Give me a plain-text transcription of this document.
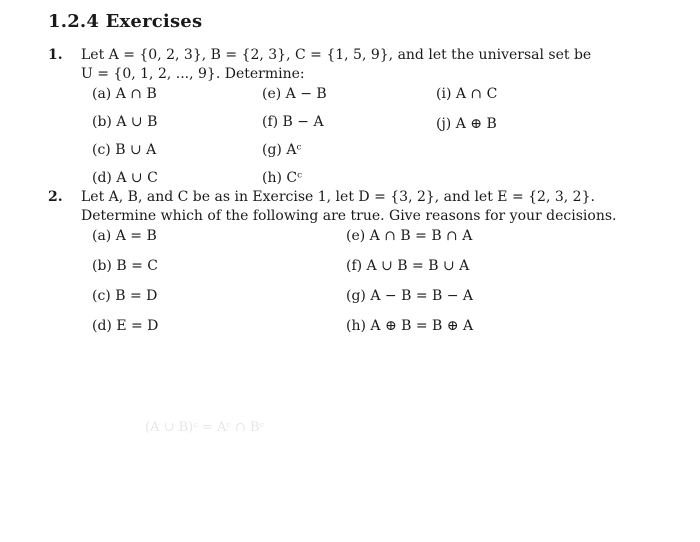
1.2.4 Exercises
1. Let A = {0, 2, 3}, B = {2, 3}, C = {1, 5, 9}, and let the universal set be
U = {0, 1, 2, ..., 9}. Determine:
(a) A ∩ B
(b) A ∪ B
(c) B ∪ A
(d) A ∪ C
(e) A − B
(f) B − A
(g) Aᶜ
(h) Cᶜ
(i) A ∩ C
(j) A ⊕ B
2. Let A, B, and C be as in Exercise 1, let D = {3, 2}, and let E = {2, 3, 2}.
Determine which of the following are true. Give reasons for your decisions.
(a) A = B
(b) B = C
(c) B = D
(d) E = D
(e) A ∩ B = B ∩ A
(f) A ∪ B = B ∪ A
(g) A − B = B − A
(h) A ⊕ B = B ⊕ A
(A ∪ B)ᶜ = Aᶜ ∩ Bᶜ
